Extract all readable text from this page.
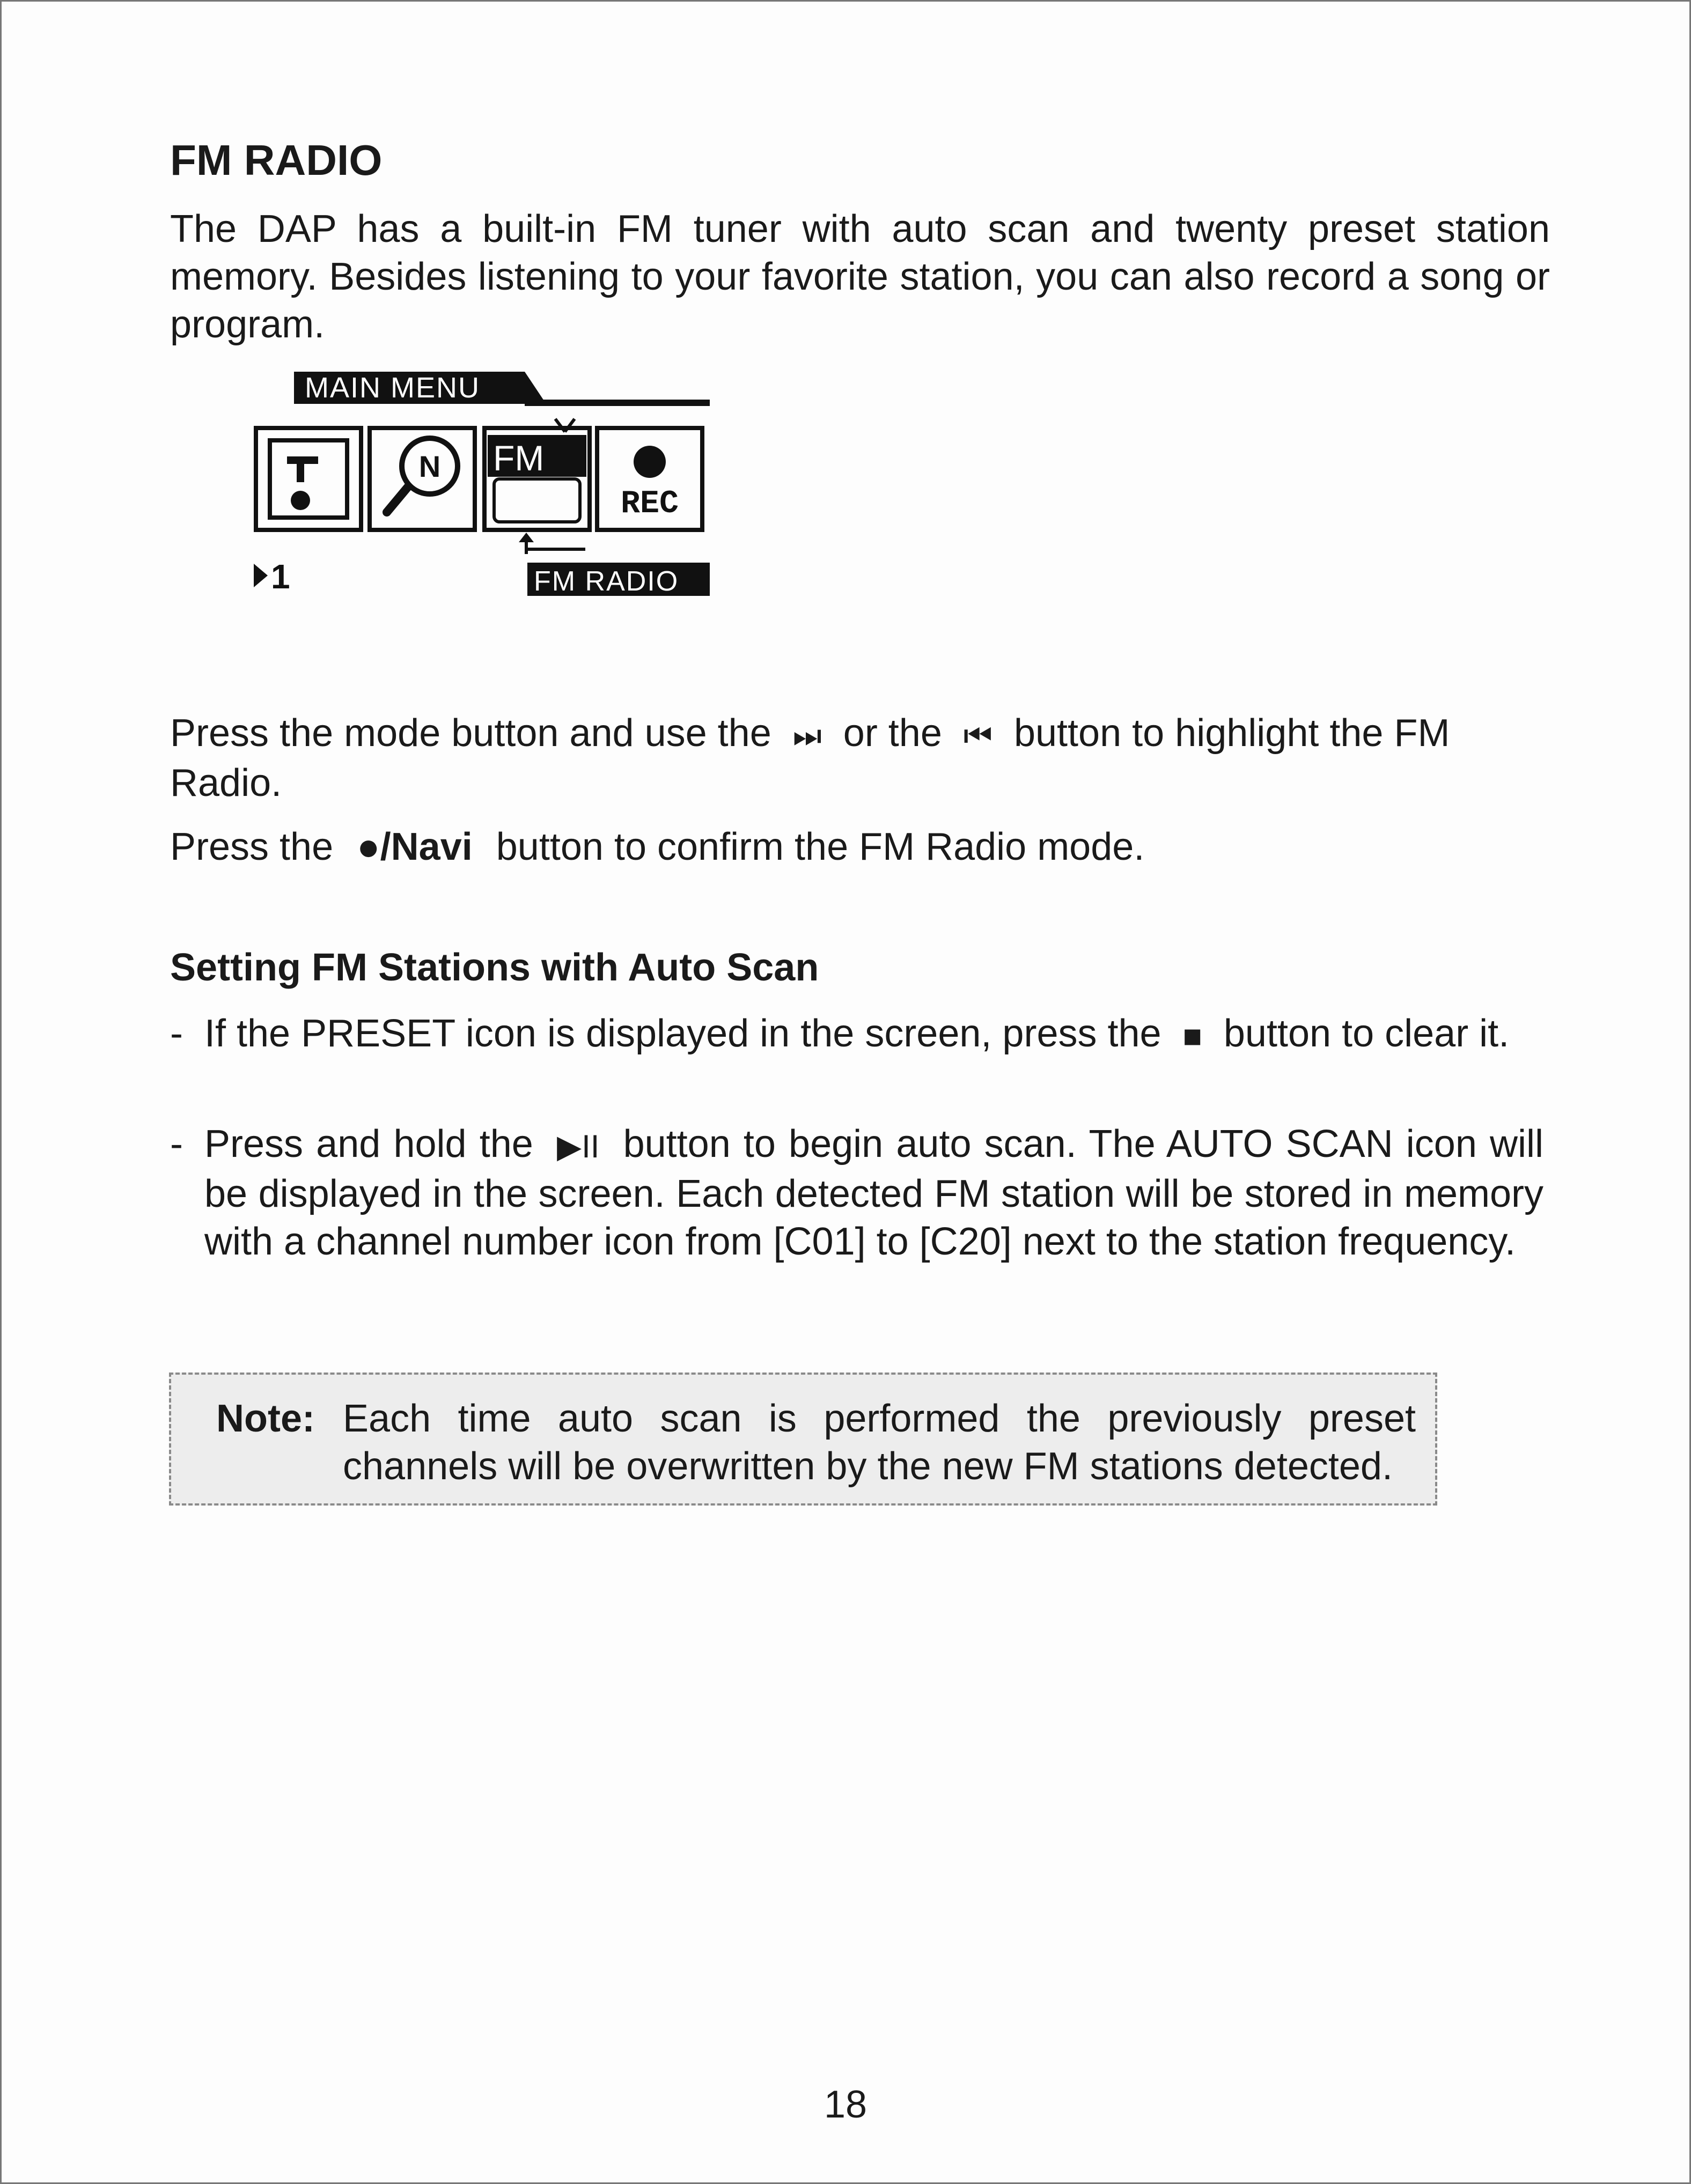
FM RADIO

The DAP has a built-in FM tuner with auto scan and twenty preset station memory. Besides listening to your favorite station, you can also record a song or program.

MAIN MENU
N FM
REC
1	FM RADIO

Press the mode button and use the ⏭ or the ⏮ button to highlight the FM Radio.

Press the ●/Navi button to confirm the FM Radio mode.

Setting FM Stations with Auto Scan
- If the PRESET icon is displayed in the screen, press the ■ button to clear it.
- Press and hold the ▶II button to begin auto scan. The AUTO SCAN icon will be displayed in the screen. Each detected FM station will be stored in memory with a channel number icon from [C01] to [C20] next to the station frequency.
Note: Each time auto scan is performed the previously preset channels will be overwritten by the new FM stations detected.
18
